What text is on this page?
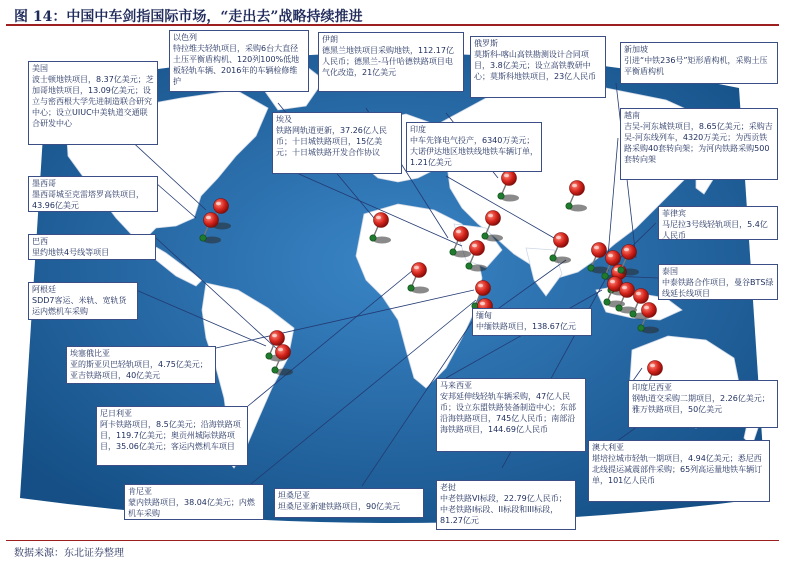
图 14：中国中车剑指国际市场，“走出去”战略持续推进
美国
波士顿地铁项目，8.37亿美元；芝加哥地铁项目，13.09亿美元；设立与密西根大学先进制造联合研究中心；设立UIUC中美轨道交通联合研发中心
以色列
特拉维夫轻轨项目，采购6台大直径土压平衡盾构机、120列100%低地板轻轨车辆、2016年的车辆检修维护
伊朗
德黑兰地铁项目采购地铁，112.17亿人民币；德黑兰-马什哈德铁路项目电气化改造，21亿美元
俄罗斯
莫斯科-喀山高铁勘测设计合同项目，3.8亿美元；设立高铁教研中心；莫斯科地铁项目，23亿人民币
新加坡
引进“中铁236号”矩形盾构机，采购土压平衡盾构机
埃及
铁路网轨道更新，37.26亿人民币；十日城铁路项目，15亿美元；十日城铁路开发合作协议
印度
中车先锋电气投产，6340万美元；大诺伊达地区地铁线地铁车辆订单，1.21亿美元
越南
吉吴-河东城铁项目，8.65亿美元；采购吉吴-河东线列车，4320万美元；为西贡铁路采购40套转向架；为河内铁路采购500套转向架
墨西哥
墨西哥城至克雷塔罗高铁项目，43.96亿美元
菲律宾
马尼拉3号线轻轨项目，5.4亿人民币
巴西
里约地铁4号线等项目
泰国
中泰铁路合作项目，曼谷BTS绿线延长线项目
阿根廷
SDD7客运、米轨、宽轨货运内燃机车采购	缅甸
中缅铁路项目，138.67亿元
埃塞俄比亚
亚的斯亚贝巴轻轨项目，4.75亿美元；亚吉铁路项目，40亿美元
印度尼西亚
钢轨道交采购二期项目，2.26亿美元；雅万铁路项目，50亿美元
马来西亚
安邦延伸线轻轨车辆采购，47亿人民币；设立东盟铁路装备制造中心；东部沿海铁路项目，745亿人民币；南部沿海铁路项目，144.69亿人民币
尼日利亚
阿卡铁路项目，8.5亿美元；沿海铁路项目，119.7亿美元；奥贡州城际铁路项目，35.06亿美元；客运内燃机车项目	澳大利亚
堪培拉城市轻轨一期项目，4.94亿美元；悉尼西北线提运减震部件采购；65列高运量地铁车辆订单，101亿人民币
肯尼亚
蒙内铁路项目，38.04亿美元；内燃机车采购
坦桑尼亚
坦桑尼亚新建铁路项目，90亿美元
老挝
中老铁路VI标段，22.79亿人民币；中老铁路I标段、II标段和III标段，81.27亿元
数据来源：东北证券整理
